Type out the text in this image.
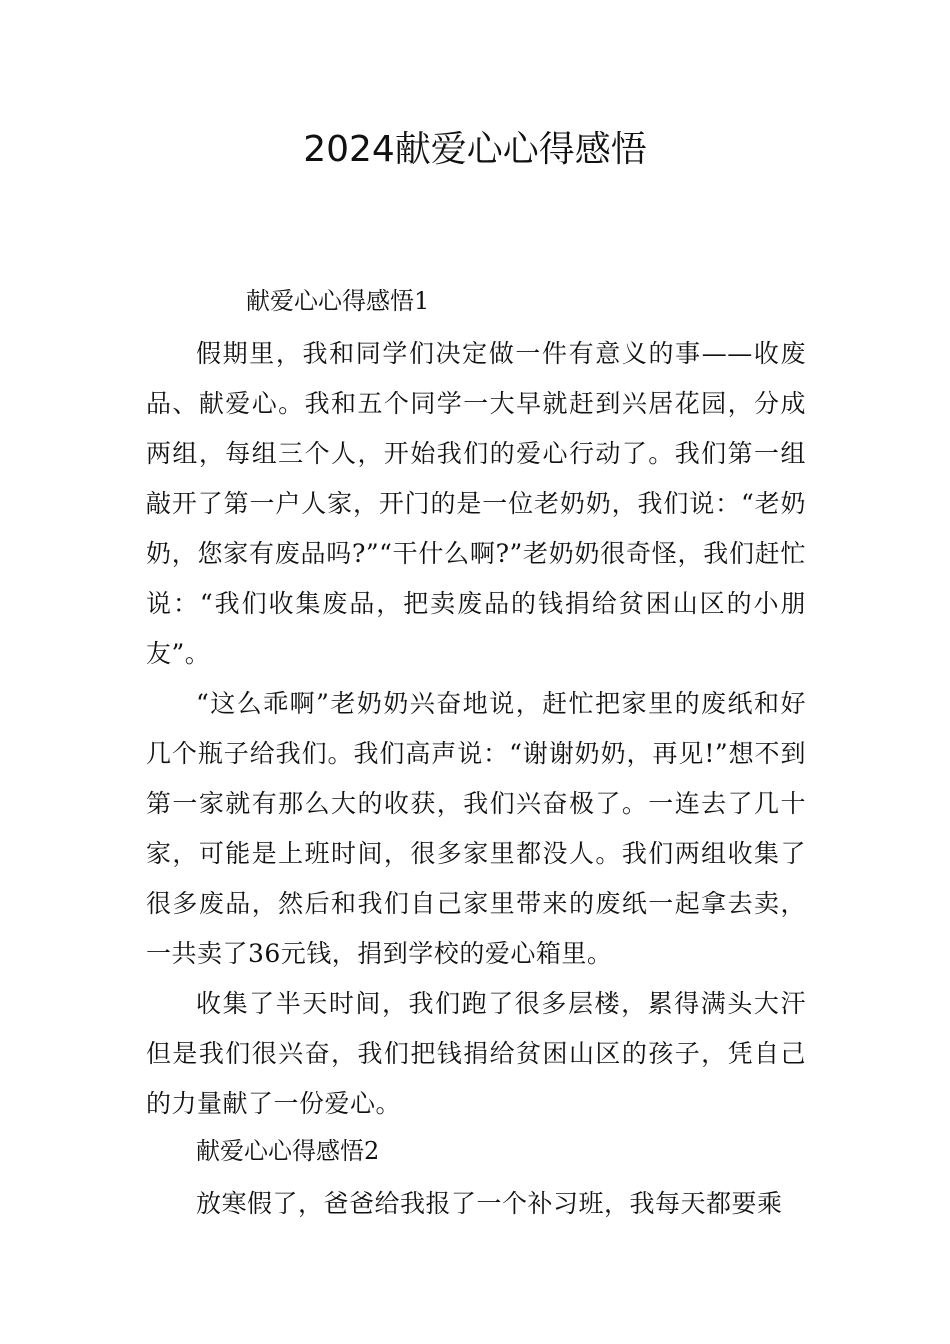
2024献爱心心得感悟
献爱心心得感悟1

假期里，我和同学们决定做一件有意义的事——收废品、献爱心。我和五个同学一大早就赶到兴居花园，分成两组，每组三个人，开始我们的爱心行动了。我们第一组敲开了第一户人家，开门的是一位老奶奶，我们说：“老奶奶，您家有废品吗?”“干什么啊?”老奶奶很奇怪，我们赶忙说：“我们收集废品，把卖废品的钱捐给贫困山区的小朋友”。

“这么乖啊”老奶奶兴奋地说，赶忙把家里的废纸和好几个瓶子给我们。我们高声说：“谢谢奶奶，再见!”想不到第一家就有那么大的收获，我们兴奋极了。一连去了几十家，可能是上班时间，很多家里都没人。我们两组收集了很多废品，然后和我们自己家里带来的废纸一起拿去卖，一共卖了36元钱，捐到学校的爱心箱里。

收集了半天时间，我们跑了很多层楼，累得满头大汗但是我们很兴奋，我们把钱捐给贫困山区的孩子，凭自己的力量献了一份爱心。

献爱心心得感悟2

放寒假了，爸爸给我报了一个补习班，我每天都要乘
